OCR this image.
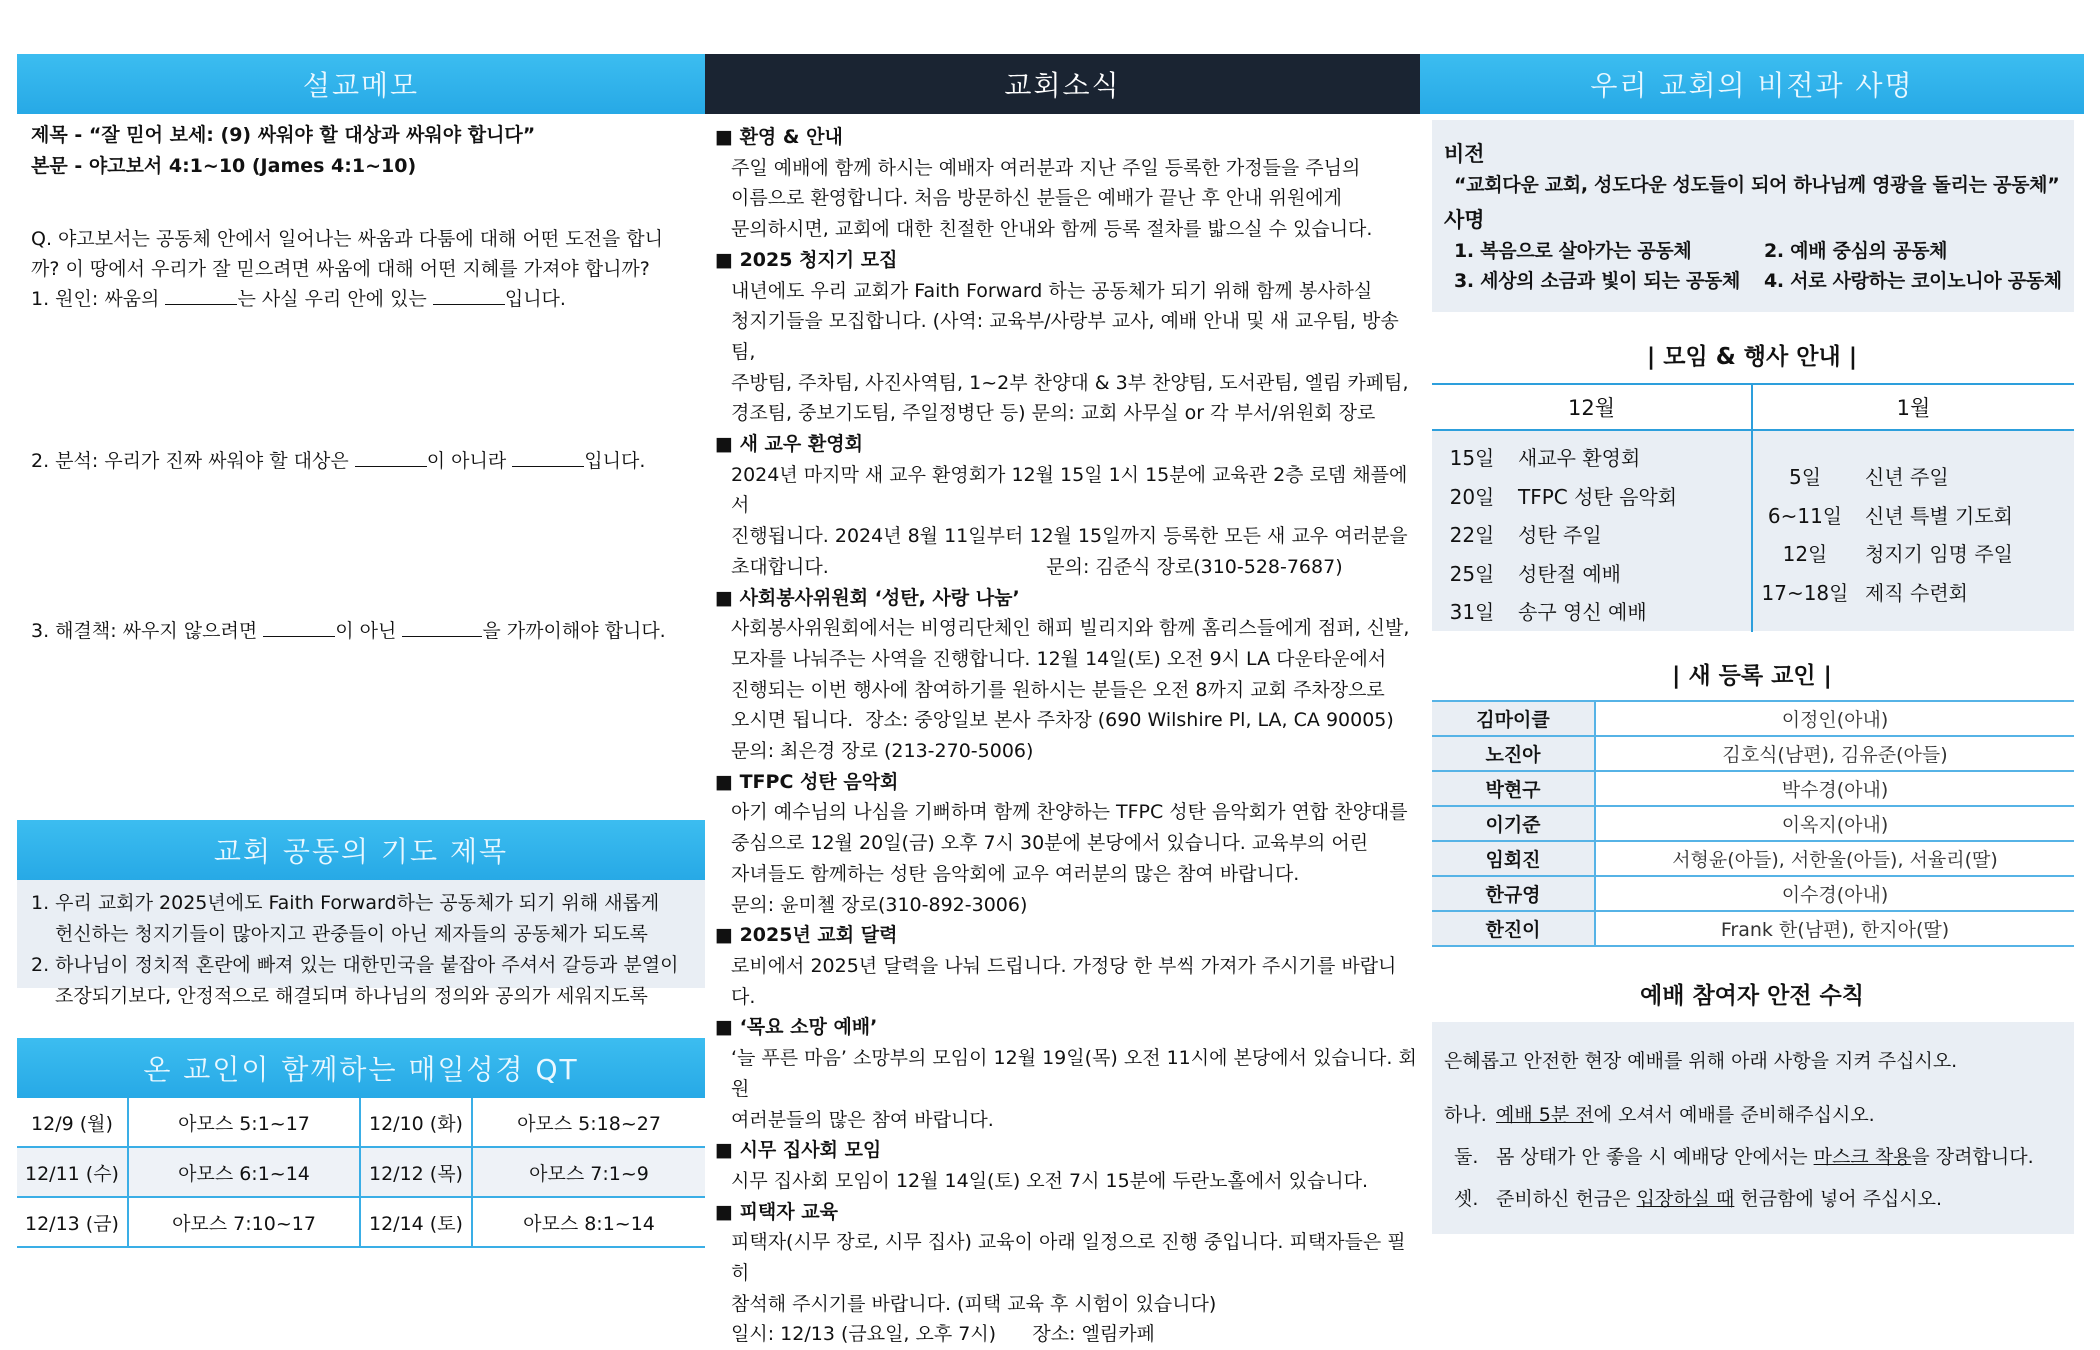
설교메모
제목 - “잘 믿어 보세: (9) 싸워야 할 대상과 싸워야 합니다”
본문 - 야고보서 4:1~10 (James 4:1~10)
Q. 야고보서는 공동체 안에서 일어나는 싸움과 다툼에 대해 어떤 도전을 합니
까? 이 땅에서 우리가 잘 믿으려면 싸움에 대해 어떤 지혜를 가져야 합니까?
1. 원인: 싸움의	는 사실 우리 안에 있는	입니다.
2. 분석: 우리가 진짜 싸워야 할 대상은	이 아니라	입니다.
3. 해결책: 싸우지 않으려면	이 아닌	을 가까이해야 합니다.
교회 공동의 기도 제목
1. 우리 교회가 2025년에도 Faith Forward하는 공동체가 되기 위해 새롭게
헌신하는 청지기들이 많아지고 관중들이 아닌 제자들의 공동체가 되도록
2. 하나님이 정치적 혼란에 빠져 있는 대한민국을 붙잡아 주셔서 갈등과 분열이
조장되기보다, 안정적으로 해결되며 하나님의 정의와 공의가 세워지도록
온 교인이 함께하는 매일성경 QT
12/9 (월)	아모스 5:1~17	12/10 (화)	아모스 5:18~27
12/11 (수)	아모스 6:1~14	12/12 (목)	아모스 7:1~9
12/13 (금)	아모스 7:10~17	12/14 (토)	아모스 8:1~14
교회소식
■ 환영 & 안내
주일 예배에 함께 하시는 예배자 여러분과 지난 주일 등록한 가정들을 주님의
이름으로 환영합니다. 처음 방문하신 분들은 예배가 끝난 후 안내 위원에게
문의하시면, 교회에 대한 친절한 안내와 함께 등록 절차를 밟으실 수 있습니다.
■ 2025 청지기 모집
내년에도 우리 교회가 Faith Forward 하는 공동체가 되기 위해 함께 봉사하실
청지기들을 모집합니다. (사역: 교육부/사랑부 교사, 예배 안내 및 새 교우팀, 방송팀,
주방팀, 주차팀, 사진사역팀, 1~2부 찬양대 & 3부 찬양팀, 도서관팀, 엘림 카페팀,
경조팀, 중보기도팀, 주일정병단 등) 문의: 교회 사무실 or 각 부서/위원회 장로
■ 새 교우 환영회
2024년 마지막 새 교우 환영회가 12월 15일 1시 15분에 교육관 2층 로뎀 채플에서
진행됩니다. 2024년 8월 11일부터 12월 15일까지 등록한 모든 새 교우 여러분을
초대합니다.                                    문의: 김준식 장로(310-528-7687)
■ 사회봉사위원회 ‘성탄, 사랑 나눔’
사회봉사위원회에서는 비영리단체인 해피 빌리지와 함께 홈리스들에게 점퍼, 신발,
모자를 나눠주는 사역을 진행합니다. 12월 14일(토) 오전 9시 LA 다운타운에서
진행되는 이번 행사에 참여하기를 원하시는 분들은 오전 8까지 교회 주차장으로
오시면 됩니다.  장소: 중앙일보 본사 주차장 (690 Wilshire Pl, LA, CA 90005)
문의: 최은경 장로 (213-270-5006)
■ TFPC 성탄 음악회
아기 예수님의 나심을 기뻐하며 함께 찬양하는 TFPC 성탄 음악회가 연합 찬양대를
중심으로 12월 20일(금) 오후 7시 30분에 본당에서 있습니다. 교육부의 어린
자녀들도 함께하는 성탄 음악회에 교우 여러분의 많은 참여 바랍니다.
문의: 윤미첼 장로(310-892-3006)
■ 2025년 교회 달력
로비에서 2025년 달력을 나눠 드립니다. 가정당 한 부씩 가져가 주시기를 바랍니다.
■ ‘목요 소망 예배’
‘늘 푸른 마음’ 소망부의 모임이 12월 19일(목) 오전 11시에 본당에서 있습니다. 회원
여러분들의 많은 참여 바랍니다.
■ 시무 집사회 모임
시무 집사회 모임이 12월 14일(토) 오전 7시 15분에 두란노홀에서 있습니다.
■ 피택자 교육
피택자(시무 장로, 시무 집사) 교육이 아래 일정으로 진행 중입니다. 피택자들은 필히
참석해 주시기를 바랍니다. (피택 교육 후 시험이 있습니다)
일시: 12/13 (금요일, 오후 7시)      장소: 엘림카페
우리 교회의 비전과 사명
비전
“교회다운 교회, 성도다운 성도들이 되어 하나님께 영광을 돌리는 공동체”
사명
1. 복음으로 살아가는 공동체	2. 예배 중심의 공동체
3. 세상의 소금과 빛이 되는 공동체	4. 서로 사랑하는 코이노니아 공동체
| 모임 & 행사 안내 |
12월
15일	새교우 환영회
20일	TFPC 성탄 음악회
22일	성탄 주일
25일	성탄절 예배
31일	송구 영신 예배
1월
5일	신년 주일
6~11일	신년 특별 기도회
12일	청지기 임명 주일
17~18일 제직 수련회
| 새 등록 교인 |
김마이클	이정인(아내)
노진아	김호식(남편), 김유준(아들)
박현구	박수경(아내)
이기준	이옥지(아내)
임회진	서형윤(아들), 서한울(아들), 서율리(딸)
한규영	이수경(아내)
한진이	Frank 한(남편), 한지아(딸)
예배 참여자 안전 수칙
은혜롭고 안전한 현장 예배를 위해 아래 사항을 지켜 주십시오.
하나. 예배 5분 전에 오셔서 예배를 준비해주십시오.
둘. 몸 상태가 안 좋을 시 예배당 안에서는 마스크 착용을 장려합니다.
셋. 준비하신 헌금은 입장하실 때 헌금함에 넣어 주십시오.
